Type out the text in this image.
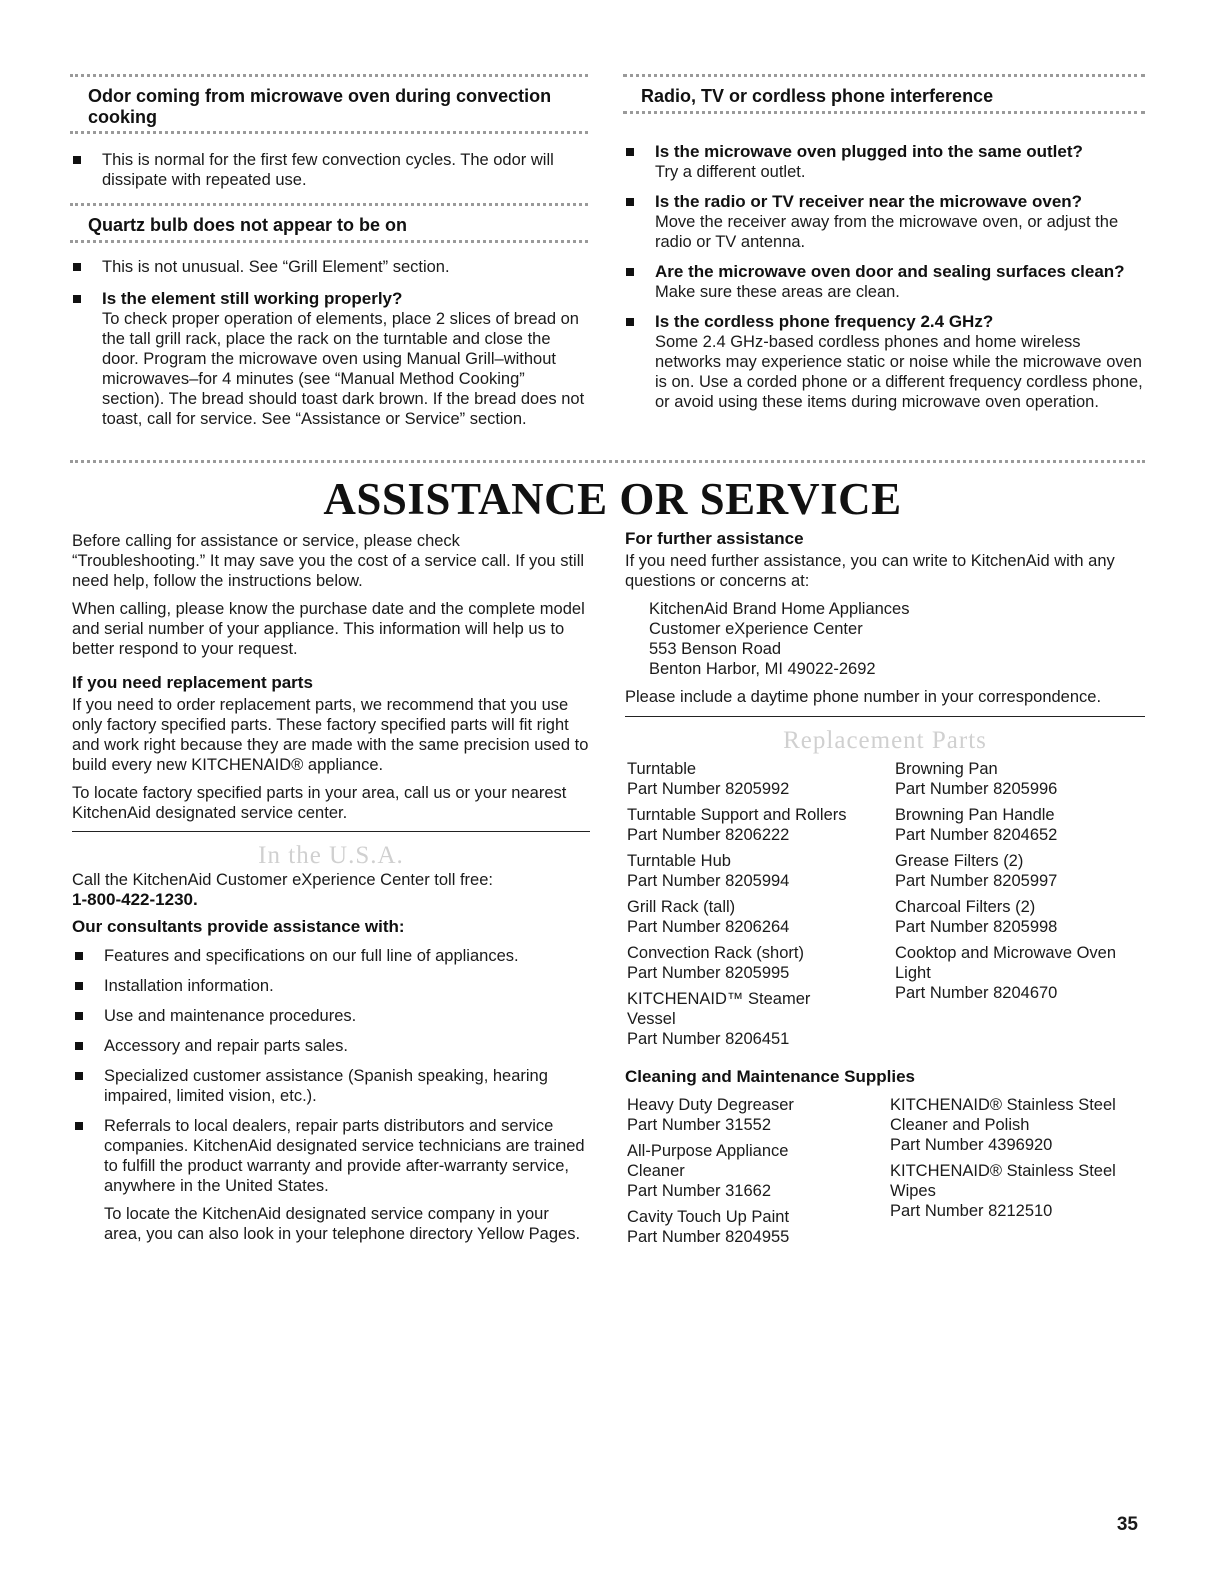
Odor coming from microwave oven during convection cooking
This is normal for the first few convection cycles. The odor will dissipate with repeated use.
Quartz bulb does not appear to be on
This is not unusual. See “Grill Element” section.
Is the element still working properly?
To check proper operation of elements, place 2 slices of bread on the tall grill rack, place the rack on the turntable and close the door. Program the microwave oven using Manual Grill–without microwaves–for 4 minutes (see “Manual Method Cooking” section). The bread should toast dark brown. If the bread does not toast, call for service. See “Assistance or Service” section.
Radio, TV or cordless phone interference
Is the microwave oven plugged into the same outlet?
Try a different outlet.
Is the radio or TV receiver near the microwave oven?
Move the receiver away from the microwave oven, or adjust the radio or TV antenna.
Are the microwave oven door and sealing surfaces clean?
Make sure these areas are clean.
Is the cordless phone frequency 2.4 GHz?
Some 2.4 GHz-based cordless phones and home wireless networks may experience static or noise while the microwave oven is on. Use a corded phone or a different frequency cordless phone, or avoid using these items during microwave oven operation.
ASSISTANCE OR SERVICE

Before calling for assistance or service, please check “Troubleshooting.” It may save you the cost of a service call. If you still need help, follow the instructions below.

When calling, please know the purchase date and the complete model and serial number of your appliance. This information will help us to better respond to your request.

If you need replacement parts

If you need to order replacement parts, we recommend that you use only factory specified parts. These factory specified parts will fit right and work right because they are made with the same precision used to build every new KITCHENAID® appliance.

To locate factory specified parts in your area, call us or your nearest KitchenAid designated service center.

In the U.S.A.
Call the KitchenAid Customer eXperience Center toll free:
1-800-422-1230.
Our consultants provide assistance with:
Features and specifications on our full line of appliances.
Installation information.
Use and maintenance procedures.
Accessory and repair parts sales.
Specialized customer assistance (Spanish speaking, hearing impaired, limited vision, etc.).
Referrals to local dealers, repair parts distributors and service companies. KitchenAid designated service technicians are trained to fulfill the product warranty and provide after-warranty service, anywhere in the United States.
To locate the KitchenAid designated service company in your area, you can also look in your telephone directory Yellow Pages.
For further assistance

If you need further assistance, you can write to KitchenAid with any questions or concerns at:

KitchenAid Brand Home Appliances
Customer eXperience Center
553 Benson Road
Benton Harbor, MI 49022-2692
Please include a daytime phone number in your correspondence.
Replacement Parts
Turntable
Part Number 8205992
Turntable Support and Rollers
Part Number 8206222
Turntable Hub
Part Number 8205994
Grill Rack (tall)
Part Number 8206264
Convection Rack (short)
Part Number 8205995
KITCHENAID™ Steamer Vessel
Part Number 8206451
Browning Pan
Part Number 8205996
Browning Pan Handle
Part Number 8204652
Grease Filters (2)
Part Number 8205997
Charcoal Filters (2)
Part Number 8205998
Cooktop and Microwave Oven Light
Part Number 8204670
Cleaning and Maintenance Supplies
Heavy Duty Degreaser
Part Number 31552
All-Purpose Appliance Cleaner
Part Number 31662
Cavity Touch Up Paint
Part Number 8204955
KITCHENAID® Stainless Steel Cleaner and Polish
Part Number 4396920
KITCHENAID® Stainless Steel Wipes
Part Number 8212510
35
